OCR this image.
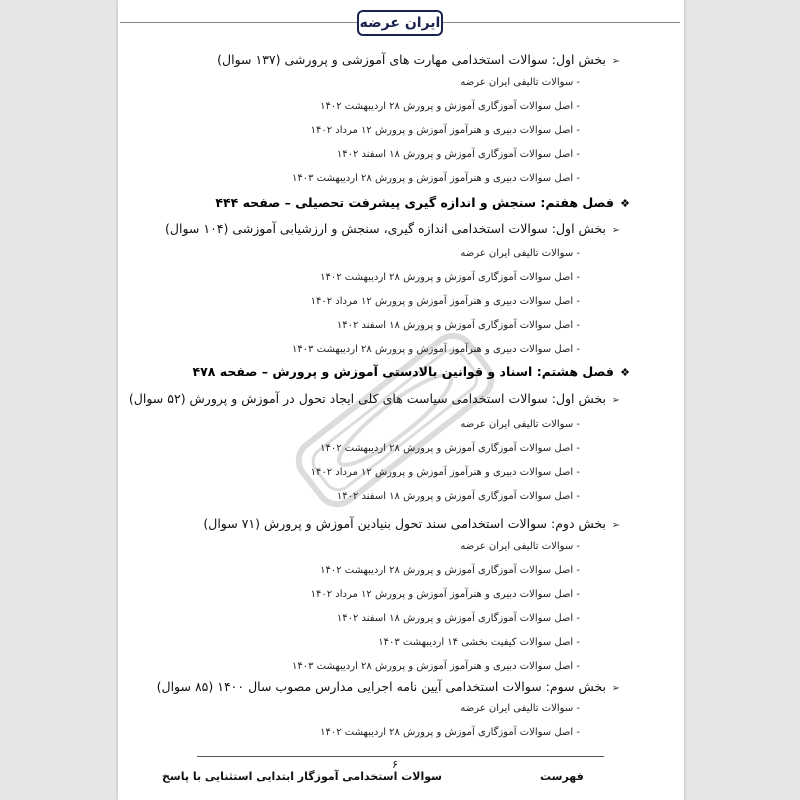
ایران عرضه
➢بخش اول: سوالات استخدامی مهارت های آموزشی و پرورشی (۱۳۷ سوال)
- سوالات تالیفی ایران عرضه
- اصل سوالات آموزگاری آموزش و پرورش ۲۸ اردیبهشت ۱۴۰۲
- اصل سوالات دبیری و هنرآموز آموزش و پرورش ۱۲ مرداد ۱۴۰۲
- اصل سوالات آموزگاری آموزش و پرورش ۱۸ اسفند ۱۴۰۲
- اصل سوالات دبیری و هنرآموز آموزش و پرورش ۲۸ اردیبهشت ۱۴۰۳
❖فصل هفتم: سنجش و اندازه گیری پیشرفت تحصیلی – صفحه ۴۴۴
➢بخش اول: سوالات استخدامی اندازه گیری، سنجش و ارزشیابی آموزشی (۱۰۴ سوال)
- سوالات تالیفی ایران عرضه
- اصل سوالات آموزگاری آموزش و پرورش ۲۸ اردیبهشت ۱۴۰۲
- اصل سوالات دبیری و هنرآموز آموزش و پرورش ۱۲ مرداد ۱۴۰۲
- اصل سوالات آموزگاری آموزش و پرورش ۱۸ اسفند ۱۴۰۲
- اصل سوالات دبیری و هنرآموز آموزش و پرورش ۲۸ اردیبهشت ۱۴۰۳
❖فصل هشتم: اسناد و قوانین بالادستی آموزش و پرورش – صفحه ۴۷۸
➢بخش اول: سوالات استخدامی سیاست های کلی ایجاد تحول در آموزش و پرورش (۵۲ سوال)
- سوالات تالیفی ایران عرضه
- اصل سوالات آموزگاری آموزش و پرورش ۲۸ اردیبهشت ۱۴۰۲
- اصل سوالات دبیری و هنرآموز آموزش و پرورش ۱۲ مرداد ۱۴۰۲
- اصل سوالات آموزگاری آموزش و پرورش ۱۸ اسفند ۱۴۰۲
➢بخش دوم: سوالات استخدامی سند تحول بنیادین آموزش و پرورش (۷۱ سوال)
- سوالات تالیفی ایران عرضه
- اصل سوالات آموزگاری آموزش و پرورش ۲۸ اردیبهشت ۱۴۰۲
- اصل سوالات دبیری و هنرآموز آموزش و پرورش ۱۲ مرداد ۱۴۰۲
- اصل سوالات آموزگاری آموزش و پرورش ۱۸ اسفند ۱۴۰۲
- اصل سوالات کیفیت بخشی ۱۴ اردیبهشت ۱۴۰۳
- اصل سوالات دبیری و هنرآموز آموزش و پرورش ۲۸ اردیبهشت ۱۴۰۳
➢بخش سوم: سوالات استخدامی آیین نامه اجرایی مدارس مصوب سال ۱۴۰۰ (۸۵ سوال)
- سوالات تالیفی ایران عرضه
- اصل سوالات آموزگاری آموزش و پرورش ۲۸ اردیبهشت ۱۴۰۲
۶
سوالات استخدامی آموزگار ابتدایی استثنایی با پاسخ	فهرست
